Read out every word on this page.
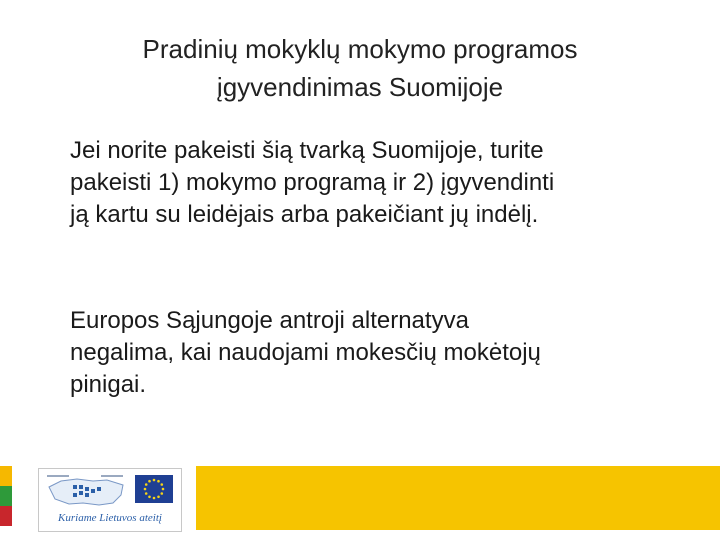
Pradinių mokyklų mokymo programos
įgyvendinimas Suomijoje
Jei norite pakeisti šią tvarką Suomijoje, turite
pakeisti 1) mokymo programą ir 2) įgyvendinti
ją kartu su leidėjais arba pakeičiant jų indėlį.
Europos Sąjungoje antroji alternatyva
negalima, kai naudojami mokesčių mokėtojų
pinigai.
Kuriame Lietuvos ateitį
